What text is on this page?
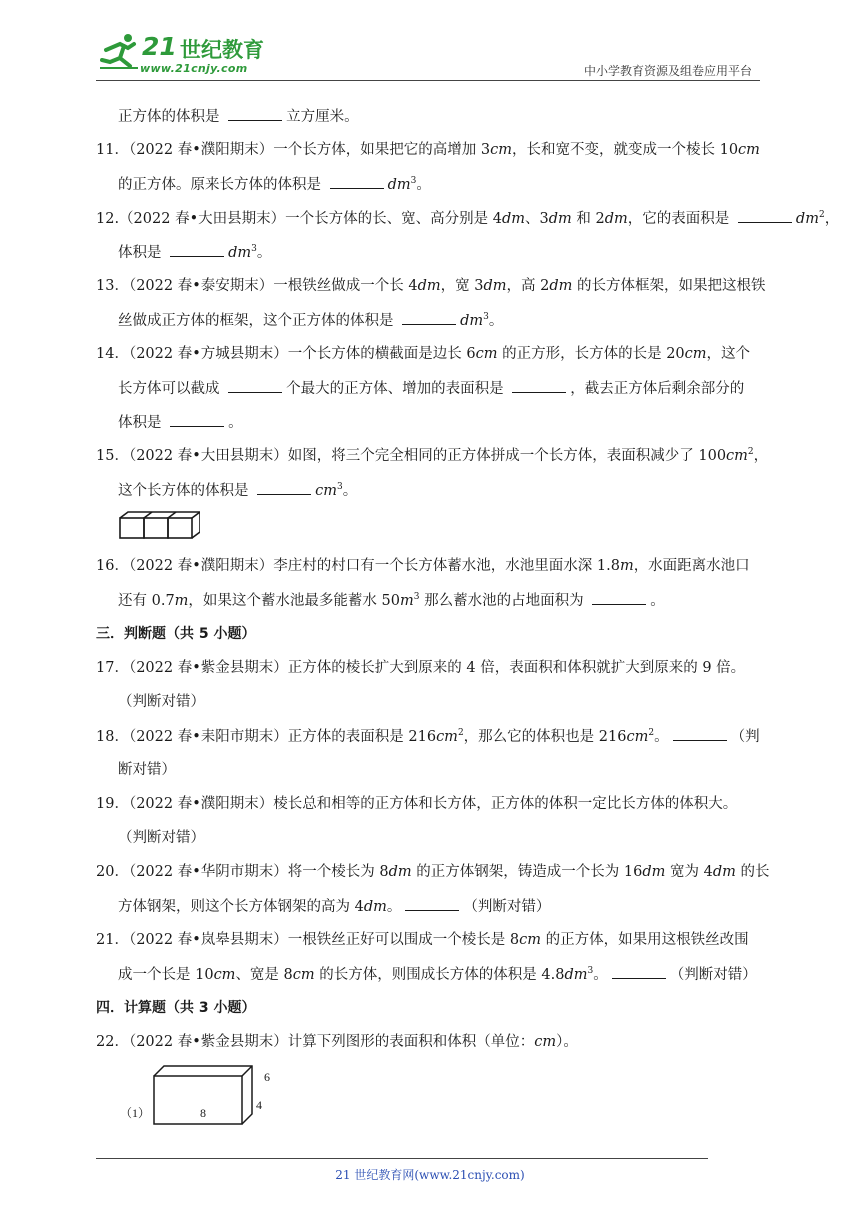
21 世纪教育
www.21cnjy.com	中小学教育资源及组卷应用平台
正方体的体积是	立方厘米。
11．（2022 春•濮阳期末）一个长方体，如果把它的高增加 3cm，长和宽不变，就变成一个棱长 10cm
的正方体。原来长方体的体积是	$dm^3$。
12.（2022 春•大田县期末）一个长方体的长、宽、高分别是 4dm、3dm 和 2dm，它的表面积是	$dm^2$，
体积是	$dm^3$。
13．（2022 春•泰安期末）一根铁丝做成一个长 4dm，宽 3dm，高 2dm 的长方体框架，如果把这根铁
丝做成正方体的框架，这个正方体的体积是	$dm^3$。
14．（2022 春•方城县期末）一个长方体的横截面是边长 6cm 的正方形，长方体的长是 20cm，这个
长方体可以截成	个最大的正方体、增加的表面积是	，截去正方体后剩余部分的
体积是	。
15．（2022 春•大田县期末）如图，将三个完全相同的正方体拼成一个长方体，表面积减少了 $100cm^2$，
这个长方体的体积是	$cm^3$。
16．（2022 春•濮阳期末）李庄村的村口有一个长方体蓄水池，水池里面水深 1.8m，水面距离水池口
还有 0.7m，如果这个蓄水池最多能蓄水 $50m^3$ 那么蓄水池的占地面积为	。
三．判断题（共 5 小题）
17．（2022 春•紫金县期末）正方体的棱长扩大到原来的 4 倍，表面积和体积就扩大到原来的 9 倍。
（判断对错）
18．（2022 春•耒阳市期末）正方体的表面积是 $216cm^2$，那么它的体积也是 $216cm^2$。	（判
断对错）
19．（2022 春•濮阳期末）棱长总和相等的正方体和长方体，正方体的体积一定比长方体的体积大。
（判断对错）
20．（2022 春•华阴市期末）将一个棱长为 8dm 的正方体钢架，铸造成一个长为 16dm 宽为 4dm 的长
方体钢架，则这个长方体钢架的高为 4dm。	（判断对错）
21．（2022 春•岚皋县期末）一根铁丝正好可以围成一个棱长是 8cm 的正方体，如果用这根铁丝改围
成一个长是 10cm、宽是 8cm 的长方体，则围成长方体的体积是 $4.8dm^3$。	（判断对错）
四．计算题（共 3 小题）
22．（2022 春•紫金县期末）计算下列图形的表面积和体积（单位：cm）。
（1）
6
4
8
21 世纪教育网(www.21cnjy.com)
